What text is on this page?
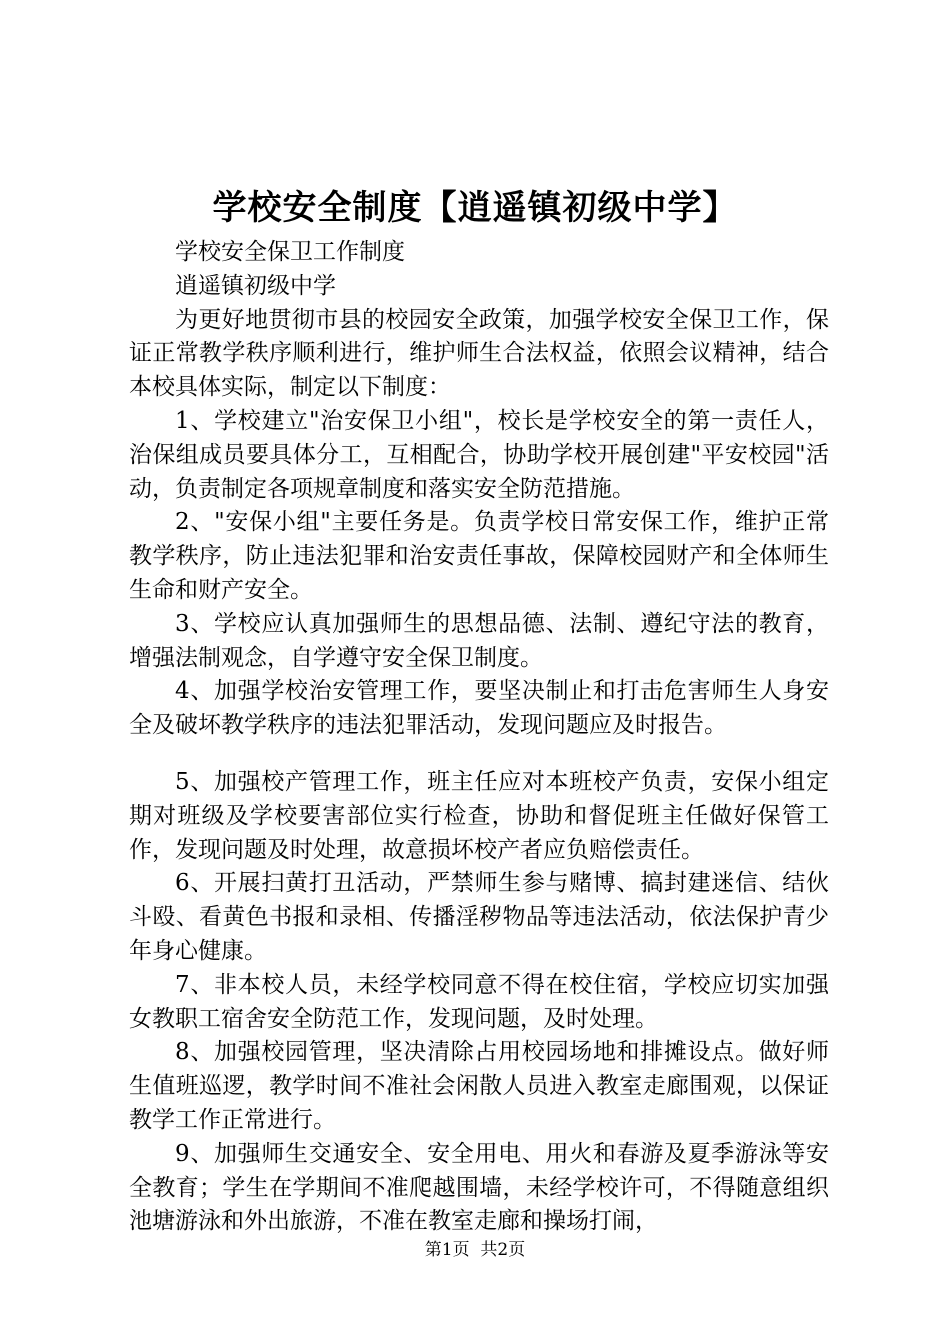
学校安全制度【逍遥镇初级中学】

学校安全保卫工作制度

逍遥镇初级中学

为更好地贯彻市县的校园安全政策，加强学校安全保卫工作，保证正常教学秩序顺利进行，维护师生合法权益，依照会议精神，结合本校具体实际，制定以下制度：

1、学校建立"治安保卫小组"，校长是学校安全的第一责任人，治保组成员要具体分工，互相配合，协助学校开展创建"平安校园"活动，负责制定各项规章制度和落实安全防范措施。

2、"安保小组"主要任务是。负责学校日常安保工作，维护正常教学秩序，防止违法犯罪和治安责任事故，保障校园财产和全体师生生命和财产安全。

3、学校应认真加强师生的思想品德、法制、遵纪守法的教育，增强法制观念，自学遵守安全保卫制度。

4、加强学校治安管理工作，要坚决制止和打击危害师生人身安全及破坏教学秩序的违法犯罪活动，发现问题应及时报告。

5、加强校产管理工作，班主任应对本班校产负责，安保小组定期对班级及学校要害部位实行检查，协助和督促班主任做好保管工作，发现问题及时处理，故意损坏校产者应负赔偿责任。

6、开展扫黄打丑活动，严禁师生参与赌博、搞封建迷信、结伙斗殴、看黄色书报和录相、传播淫秽物品等违法活动，依法保护青少年身心健康。

7、非本校人员，未经学校同意不得在校住宿，学校应切实加强女教职工宿舍安全防范工作，发现问题，及时处理。

8、加强校园管理，坚决清除占用校园场地和排摊设点。做好师生值班巡逻，教学时间不准社会闲散人员进入教室走廊围观，以保证教学工作正常进行。

9、加强师生交通安全、安全用电、用火和春游及夏季游泳等安全教育；学生在学期间不准爬越围墙，未经学校许可，不得随意组织池塘游泳和外出旅游，不准在教室走廊和操场打闹，

第1页  共2页
